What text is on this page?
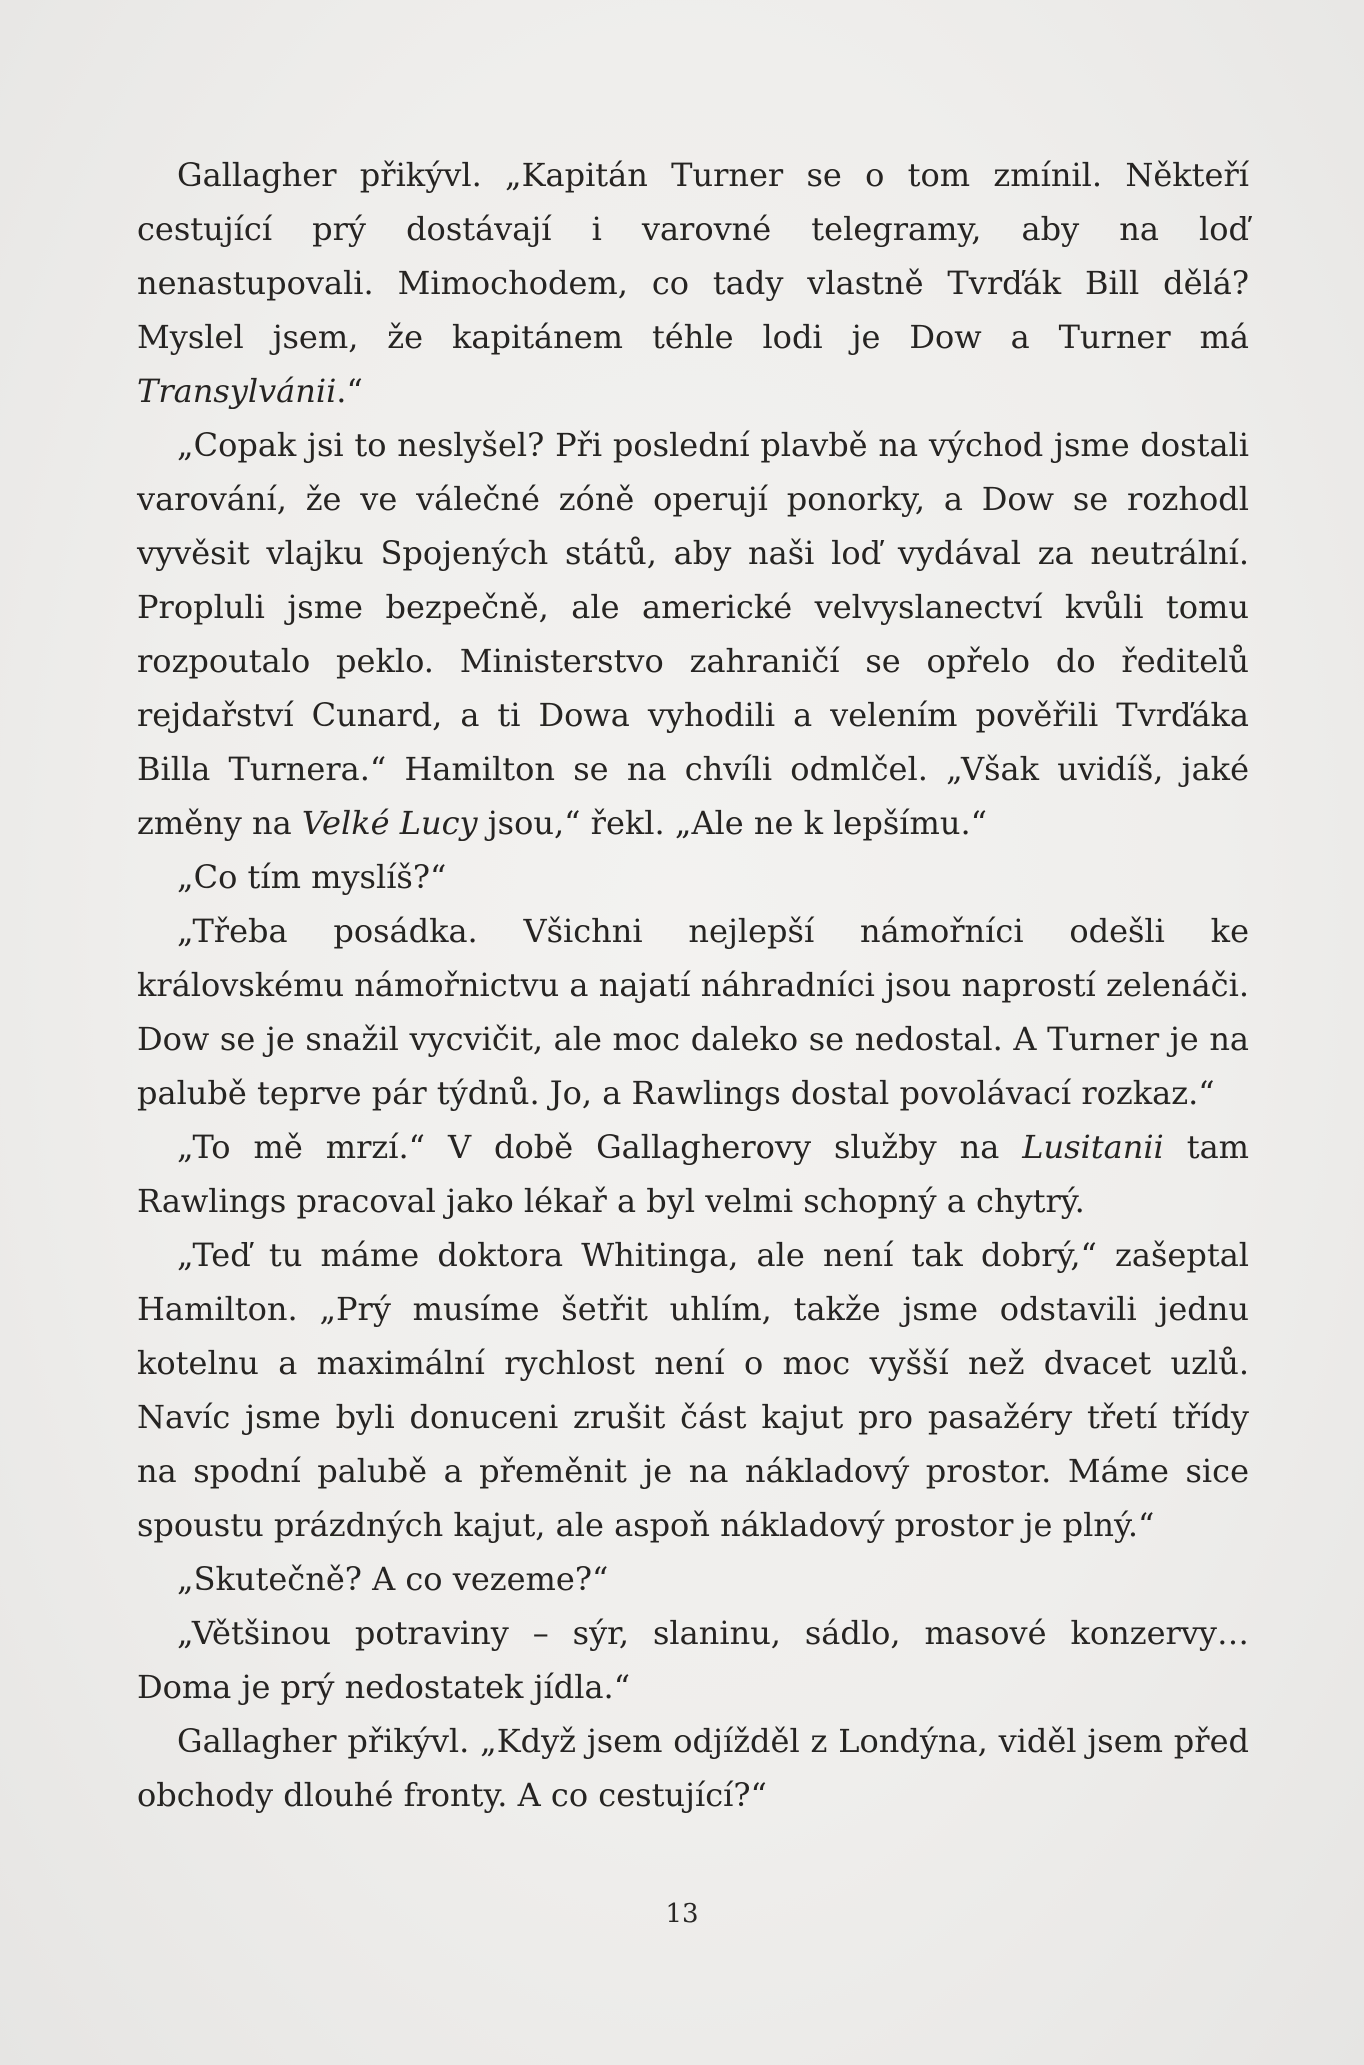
Gallagher přikývl. „Kapitán Turner se o tom zmínil. Někteří cestující prý dostávají i varovné telegramy, aby na loď nenastupovali. Mimochodem, co tady vlastně Tvrďák Bill dělá? Myslel jsem, že kapitánem téhle lodi je Dow a Turner má Transylvánii.“

„Copak jsi to neslyšel? Při poslední plavbě na východ jsme dostali varování, že ve válečné zóně operují ponorky, a Dow se rozhodl vyvěsit vlajku Spojených států, aby naši loď vydával za neutrální. Propluli jsme bezpečně, ale americké velvyslanectví kvůli tomu rozpoutalo peklo. Ministerstvo zahraničí se opřelo do ředitelů rejdařství Cunard, a ti Dowa vyhodili a velením pověřili Tvrďáka Billa Turnera.“ Hamilton se na chvíli odmlčel. „Však uvidíš, jaké změny na Velké Lucy jsou,“ řekl. „Ale ne k lepšímu.“

„Co tím myslíš?“

„Třeba posádka. Všichni nejlepší námořníci odešli ke královskému námořnictvu a najatí náhradníci jsou naprostí zelenáči. Dow se je snažil vycvičit, ale moc daleko se nedostal. A Turner je na palubě teprve pár týdnů. Jo, a Rawlings dostal povolávací rozkaz.“

„To mě mrzí.“ V době Gallagherovy služby na Lusitanii tam Rawlings pracoval jako lékař a byl velmi schopný a chytrý.

„Teď tu máme doktora Whitinga, ale není tak dobrý,“ zašeptal Hamilton. „Prý musíme šetřit uhlím, takže jsme odstavili jednu kotelnu a maximální rychlost není o moc vyšší než dvacet uzlů. Navíc jsme byli donuceni zrušit část kajut pro pasažéry třetí třídy na spodní palubě a přeměnit je na nákladový prostor. Máme sice spoustu prázdných kajut, ale aspoň nákladový prostor je plný.“

„Skutečně? A co vezeme?“

„Většinou potraviny – sýr, slaninu, sádlo, masové konzervy… Doma je prý nedostatek jídla.“

Gallagher přikývl. „Když jsem odjížděl z Londýna, viděl jsem před obchody dlouhé fronty. A co cestující?“

13
